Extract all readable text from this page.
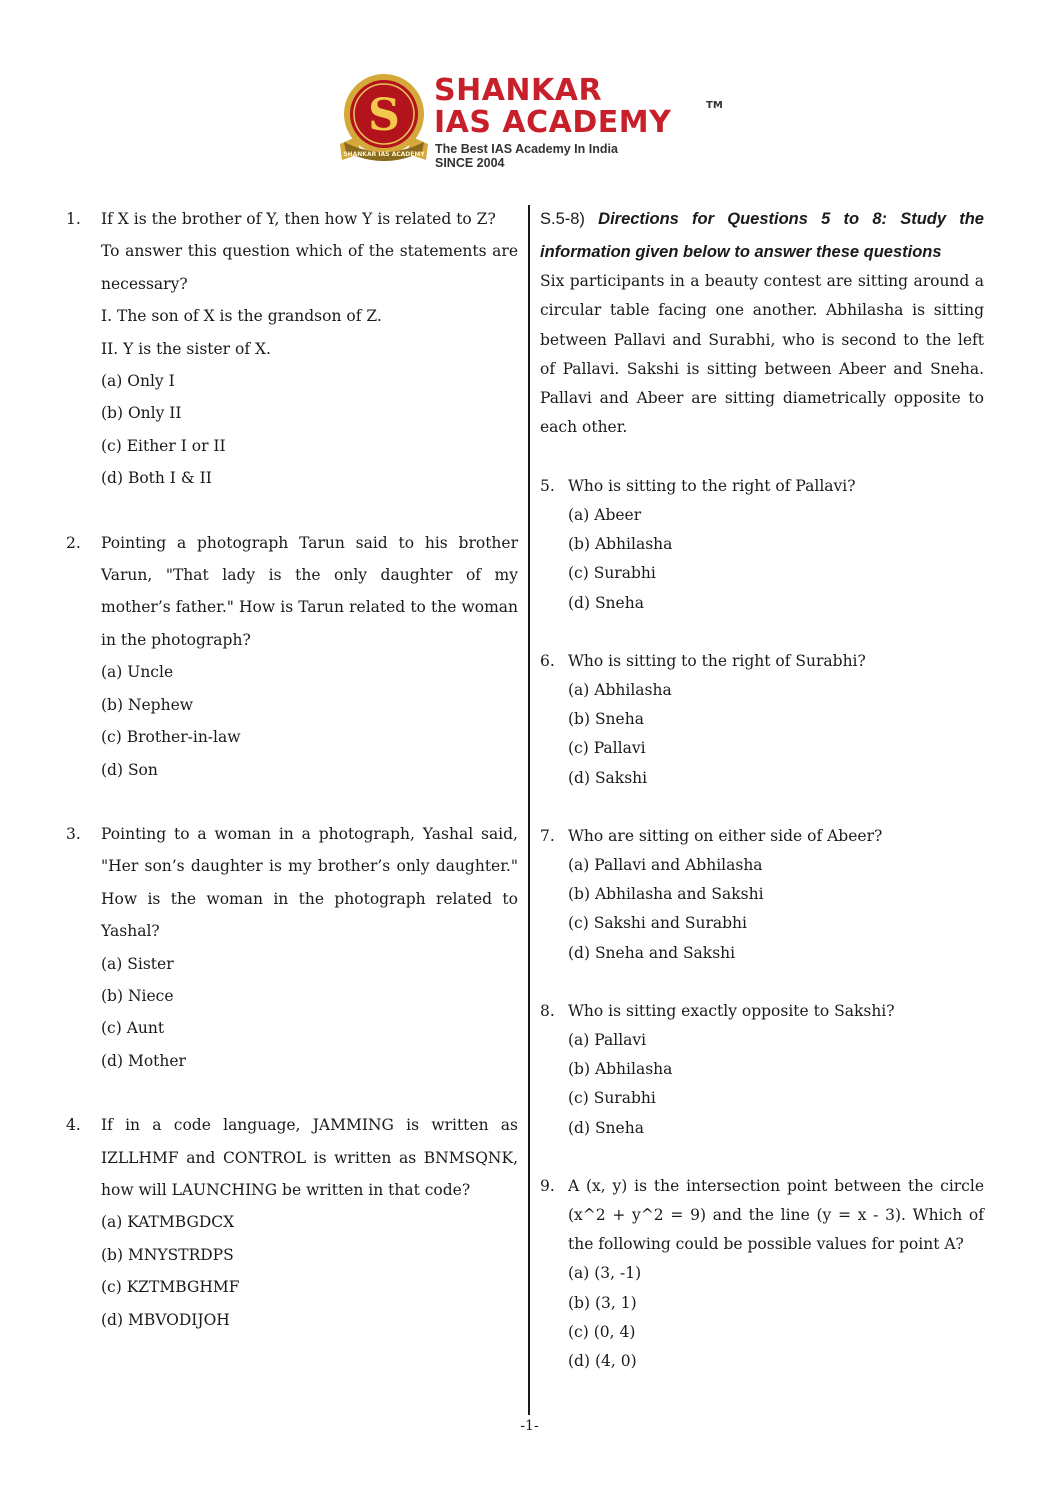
S
SHANKAR IAS ACADEMY
SHANKAR
IAS ACADEMY	TM
The Best IAS Academy In India
SINCE 2004
1. If X is the brother of Y, then how Y is related to Z?
To answer this question which of the statements are necessary?
I. The son of X is the grandson of Z.
II. Y is the sister of X.
(a) Only I
(b) Only II
(c) Either I or II
(d) Both I & II
2. Pointing a photograph Tarun said to his brother Varun, "That lady is the only daughter of my mother’s father." How is Tarun related to the woman in the photograph?
(a) Uncle
(b) Nephew
(c) Brother-in-law
(d) Son
3. Pointing to a woman in a photograph, Yashal said, "Her son’s daughter is my brother’s only daughter." How is the woman in the photograph related to Yashal?
(a) Sister
(b) Niece
(c) Aunt
(d) Mother
4. If in a code language, JAMMING is written as IZLLHMF and CONTROL is written as BNMSQNK, how will LAUNCHING be written in that code?
(a) KATMBGDCX
(b) MNYSTRDPS
(c) KZTMBGHMF
(d) MBVODIJOH
S.5-8) Directions for Questions 5 to 8: Study the information given below to answer these questions
Six participants in a beauty contest are sitting around a circular table facing one another. Abhilasha is sitting between Pallavi and Surabhi, who is second to the left of Pallavi. Sakshi is sitting between Abeer and Sneha. Pallavi and Abeer are sitting diametrically opposite to each other.
5. Who is sitting to the right of Pallavi?
(a) Abeer
(b) Abhilasha
(c) Surabhi
(d) Sneha
6. Who is sitting to the right of Surabhi?
(a) Abhilasha
(b) Sneha
(c) Pallavi
(d) Sakshi
7. Who are sitting on either side of Abeer?
(a) Pallavi and Abhilasha
(b) Abhilasha and Sakshi
(c) Sakshi and Surabhi
(d) Sneha and Sakshi
8. Who is sitting exactly opposite to Sakshi?
(a) Pallavi
(b) Abhilasha
(c) Surabhi
(d) Sneha
9. A (x, y) is the intersection point between the circle (x^2 + y^2 = 9) and the line (y = x - 3). Which of the following could be possible values for point A?
(a) (3, -1)
(b) (3, 1)
(c) (0, 4)
(d) (4, 0)
-1-
